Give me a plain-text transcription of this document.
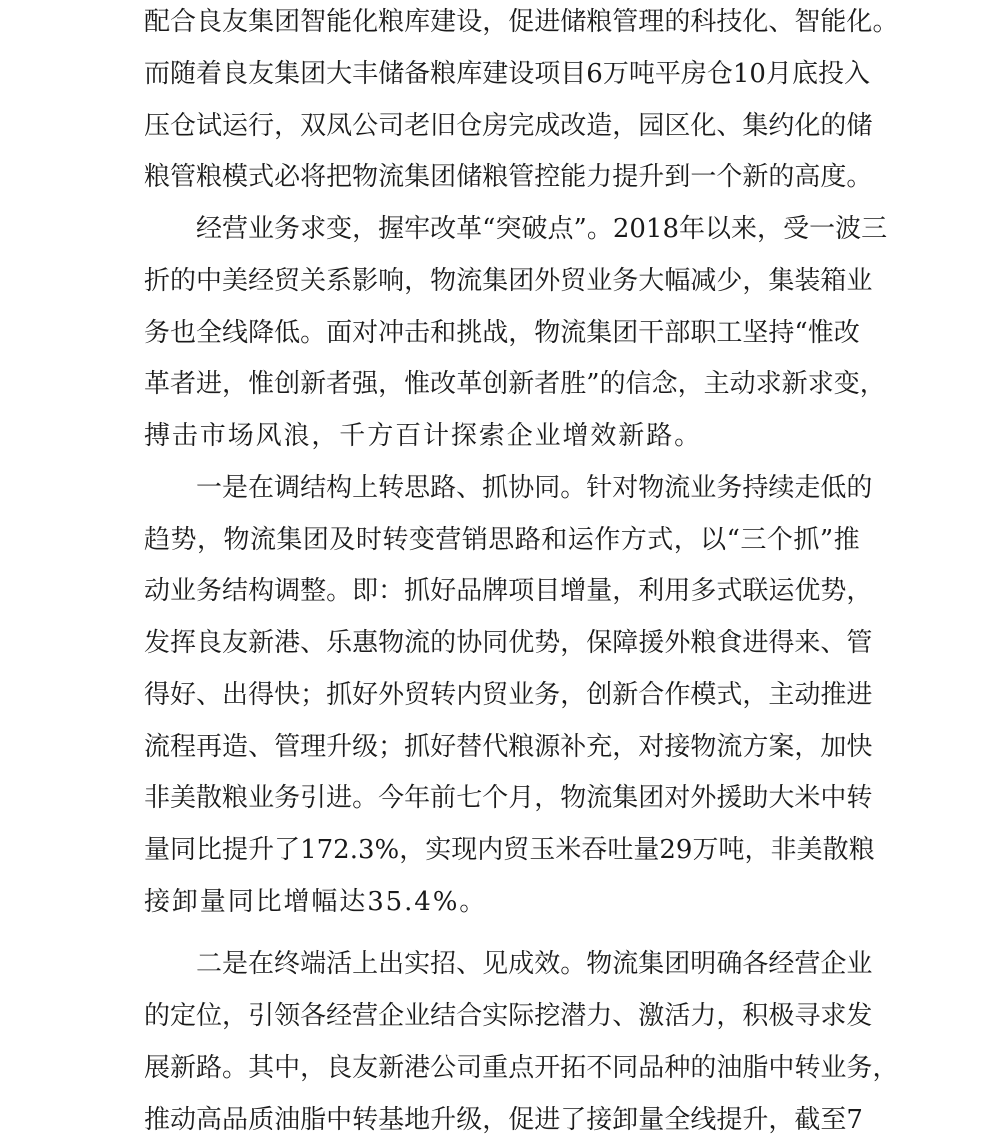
配 合 良 友 集 团 智 能 化 粮 库 建 设 ， 促 进 储 粮 管 理 的 科 技 化 、 智 能 化 。
而 随 着 良 友 集 团 大 丰 储 备 粮 库 建 设 项 目 6 万 吨 平 房 仓 10 月 底 投 入
压 仓 试 运 行 ， 双 凤 公 司 老 旧 仓 房 完 成 改 造 ， 园 区 化 、 集 约 化 的 储
粮 管 粮 模 式 必 将 把 物 流 集 团 储 粮 管 控 能 力 提 升 到 一 个 新 的 高 度 。
经 营 业 务 求 变 ， 握 牢 改 革 “ 突 破 点 ” 。 2018 年 以 来 ， 受 一 波 三
折 的 中 美 经 贸 关 系 影 响 ， 物 流 集 团 外 贸 业 务 大 幅 减 少 ， 集 装 箱 业
务 也 全 线 降 低 。 面 对 冲 击 和 挑 战 ， 物 流 集 团 干 部 职 工 坚 持 “ 惟 改
革 者 进 ， 惟 创 新 者 强 ， 惟 改 革 创 新 者 胜 ” 的 信 念 ， 主 动 求 新 求 变 ，
搏击市场风浪，千方百计探索企业增效新路。
一 是 在 调 结 构 上 转 思 路 、 抓 协 同 。 针 对 物 流 业 务 持 续 走 低 的
趋 势 ， 物 流 集 团 及 时 转 变 营 销 思 路 和 运 作 方 式 ， 以 “ 三 个 抓 ” 推
动 业 务 结 构 调 整 。 即 ： 抓 好 品 牌 项 目 增 量 ， 利 用 多 式 联 运 优 势 ，
发 挥 良 友 新 港 、 乐 惠 物 流 的 协 同 优 势 ， 保 障 援 外 粮 食 进 得 来 、 管
得 好 、 出 得 快 ； 抓 好 外 贸 转 内 贸 业 务 ， 创 新 合 作 模 式 ， 主 动 推 进
流 程 再 造 、 管 理 升 级 ； 抓 好 替 代 粮 源 补 充 ， 对 接 物 流 方 案 ， 加 快
非 美 散 粮 业 务 引 进 。 今 年 前 七 个 月 ， 物 流 集 团 对 外 援 助 大 米 中 转
量 同 比 提 升 了 172.3% ， 实 现 内 贸 玉 米 吞 吐 量 29 万 吨 ， 非 美 散 粮
接卸量同比增幅达35.4%。
二 是 在 终 端 活 上 出 实 招 、 见 成 效 。 物 流 集 团 明 确 各 经 营 企 业
的 定 位 ， 引 领 各 经 营 企 业 结 合 实 际 挖 潜 力 、 激 活 力 ， 积 极 寻 求 发
展 新 路 。 其 中 ， 良 友 新 港 公 司 重 点 开 拓 不 同 品 种 的 油 脂 中 转 业 务 ，
推 动 高 品 质 油 脂 中 转 基 地 升 级 ， 促 进 了 接 卸 量 全 线 提 升 ， 截 至 7
